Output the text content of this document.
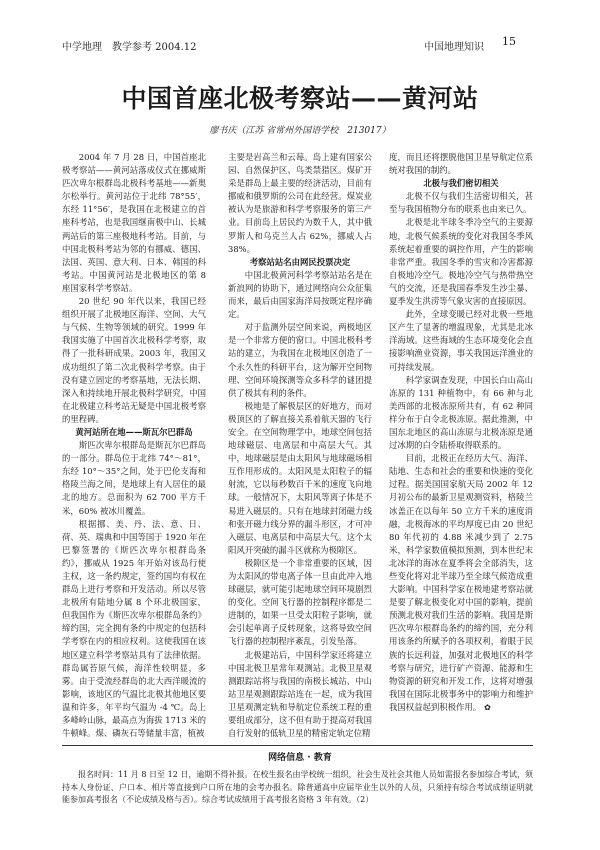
中学地理　教学参考 2004.12	中国地理知识 15
中国首座北极考察站——黄河站
廖书庆（江苏 省常州外国语学校　213017）

2004 年 7 月 28 日，中国首座北极考察站——黄河站落成仪式在挪威斯匹次卑尔根群岛北极科考基地——新奥尔松举行。黄河站位于北纬 78°55′，东经 11°56′，是我国在北极建立的首座科考站，也是我国继南极中山、长城两站后的第三座极地科考站。目前，与中国北极科考站为邻的有挪威、德国、法国、英国、意大利、日本、韩国的科考站。中国黄河站是北极地区的第 8 座国家科学考察站。

20 世纪 90 年代以来，我国已经组织开展了北极地区海洋、空间、大气与气候、生物等领域的研究。1999 年我国实施了中国首次北极科学考察，取得了一批科研成果。2003 年，我国又成功组织了第二次北极科学考察。由于没有建立固定的考察基地，无法长期、深入和持续地开展北极科学研究，中国在北极建立科考站无疑是中国北极考察的里程碑。

黄河站所在地——斯瓦尔巴群岛

斯匹次卑尔根群岛是斯瓦尔巴群岛的一部分。群岛位于北纬 74°～81°，东经 10°～35°之间，处于巴伦支海和格陵兰海之间，是地球上有人居住的最北的地方。总面积为 62 700 平方千米，60% 被冰川覆盖。

根据挪、美、丹、法、意、日、荷、英、瑞典和中国等国于 1920 年在巴黎签署的《斯匹次卑尔根群岛条约》，挪威从 1925 年开始对该岛行使主权，这一条约规定，签约国均有权在群岛上进行考察和开发活动。所以尽管北极所有陆地分属 8 个环北极国家，但我国作为《斯匹次卑尔根群岛条约》缔约国，完全拥有条约中规定的包括科学考察在内的相应权利。这使我国在该地区建立科学考察站具有了法律依据。群岛属苔原气候，海洋性较明显，多雾。由于受流经群岛的北大西洋暖流的影响，该地区的气温比北极其他地区要温和许多，年平均气温为 -4 ℃。岛上多峰岭山脉，最高点为海拔 1713 米的牛顿峰。煤、磷灰石等储量丰富，植被

主要是岩高兰和云莓。岛上建有国家公园、自然保护区、鸟类禁猎区。煤矿开采是群岛上最主要的经济活动，目前有挪威和俄罗斯的公司在此经营。煤炭业被认为是旅游和科学考察服务的第三产业。目前岛上居民约为数千人，其中俄罗斯人和乌克兰人占 62%，挪威人占 38%。

考察站站名由网民投票决定

中国北极黄河科学考察站站名是在新浪网的协助下，通过网络向公众征集而来，最后由国家海洋局按既定程序确定。

对于监测外层空间来说，两极地区是一个非常方便的窗口。中国北极科考站的建立，为我国在北极地区创造了一个永久性的科研平台，这为解开空间物理、空间环境探测等众多科学的谜团提供了极其有利的条件。

极地是了解极层区的好地方，而对极顶区的了解直接关系着航天器的飞行安全。在空间物理学中，地球空间包括地球磁层、电离层和中高层大气。其中，地球磁层是由太阳风与地球磁场相互作用形成的。太阳风是太阳粒子的辐射流，它以每秒数百千米的速度飞向地球。一般情况下，太阳风等离子体是不易进入磁层的。只有在地球封闭磁力线和张开磁力线分界的漏斗形区，才可冲入磁层、电离层和中高层大气。这个太阳风开突破的漏斗区就称为极隙区。

极隙区是一个非常重要的区域，因为太阳风的带电离子体一旦由此冲入地球磁层，就可能引起地球空间环境剧烈的变化。空间飞行器的控制程序都是二进制的，如果一旦受太阳粒子影响，就会引起单离子反转现象，这将导致空间飞行器的控制程序紊乱，引发坠落。

北极建站后，中国科学家还将建立中国北极卫星常年观测站。北极卫星观测跟踪站将与我国的南极长城站、中山站卫星观测跟踪站连在一起，成为我国卫星观测定轨和导航定位系统工程的重要组成部分，这不但有助于提高对我国自行发射的低轨卫星的精密定轨定位精

度，而且还将摆脱他国卫星导航定位系统对我国的制约。

北极与我们密切相关

北极不仅与我们生活密切相关，甚至与我国植物分布的联系也由来已久。

北极是北半球冬季冷空气的主要源地，北极气候系统的变化对我国冬季风系统起着重要的调控作用，产生的影响非常严重。我国冬季的雪灾和冷害都源自极地冷空气。极地冷空气与热带热空气的交流，还是我国春季发生沙尘暴、夏季发生洪涝等气象灾害的直接原因。

此外，全球变暖已经对北极一些地区产生了显著的增温现象，尤其是北冰洋海域。这些海域的生态环境变化会直接影响渔业资源，事关我国远洋渔业的可持续发展。

科学家调查发现，中国长白山高山冻原的 131 种植物中，有 66 种与北美西部的北极冻原所共有，有 62 种同样分布于白令北极冻原。据此推测，中国东北地区的高山冻原与北极冻原是通过冰期的白令陆桥取得联系的。

目前，北极正在经历大气、海洋、陆地、生态和社会的重要和快速的变化过程。据美国国家航天局 2002 年 12 月初公布的最新卫星观测资料，格陵兰冰盖正在以每年 50 立方千米的速度消融，北极海冰的平均厚度已由 20 世纪 80 年代初的 4.88 米减少到了 2.75 米，科学家数值模拟预测，到本世纪末北冰洋的海冰在夏季将会全部消失，这些变化将对北半球乃至全球气候造成重大影响。中国科学家在极地建考察站就是要了解北极变化对中国的影响，提前预测北极对我们生活的影响。我国是斯匹次卑尔根群岛条约的缔约国，充分利用该条约所赋予的各项权利，着眼于民族的长远利益，加强对北极地区的科学考察与研究，进行矿产资源、能源和生物资源的研究和开发工作，这将对增强我国在国际北极事务中的影响力和维护我国权益起到积极作用。 ✿

网络信息 · 教育

报名时间：11 月 8 日至 12 日，逾期不得补报。在校生报名由学校统一组织，社会生及社会其他人员如需报名参加综合考试，须持本人身份证、户口本、相片等直接到户口所在地的会考办报名。除普通高中应届毕业生以外的人员，只须持有综合考试成绩证明就能参加高考报名（不论成绩及格与否）。综合考试成绩用于高考报名资格 3 年有效。（2）
